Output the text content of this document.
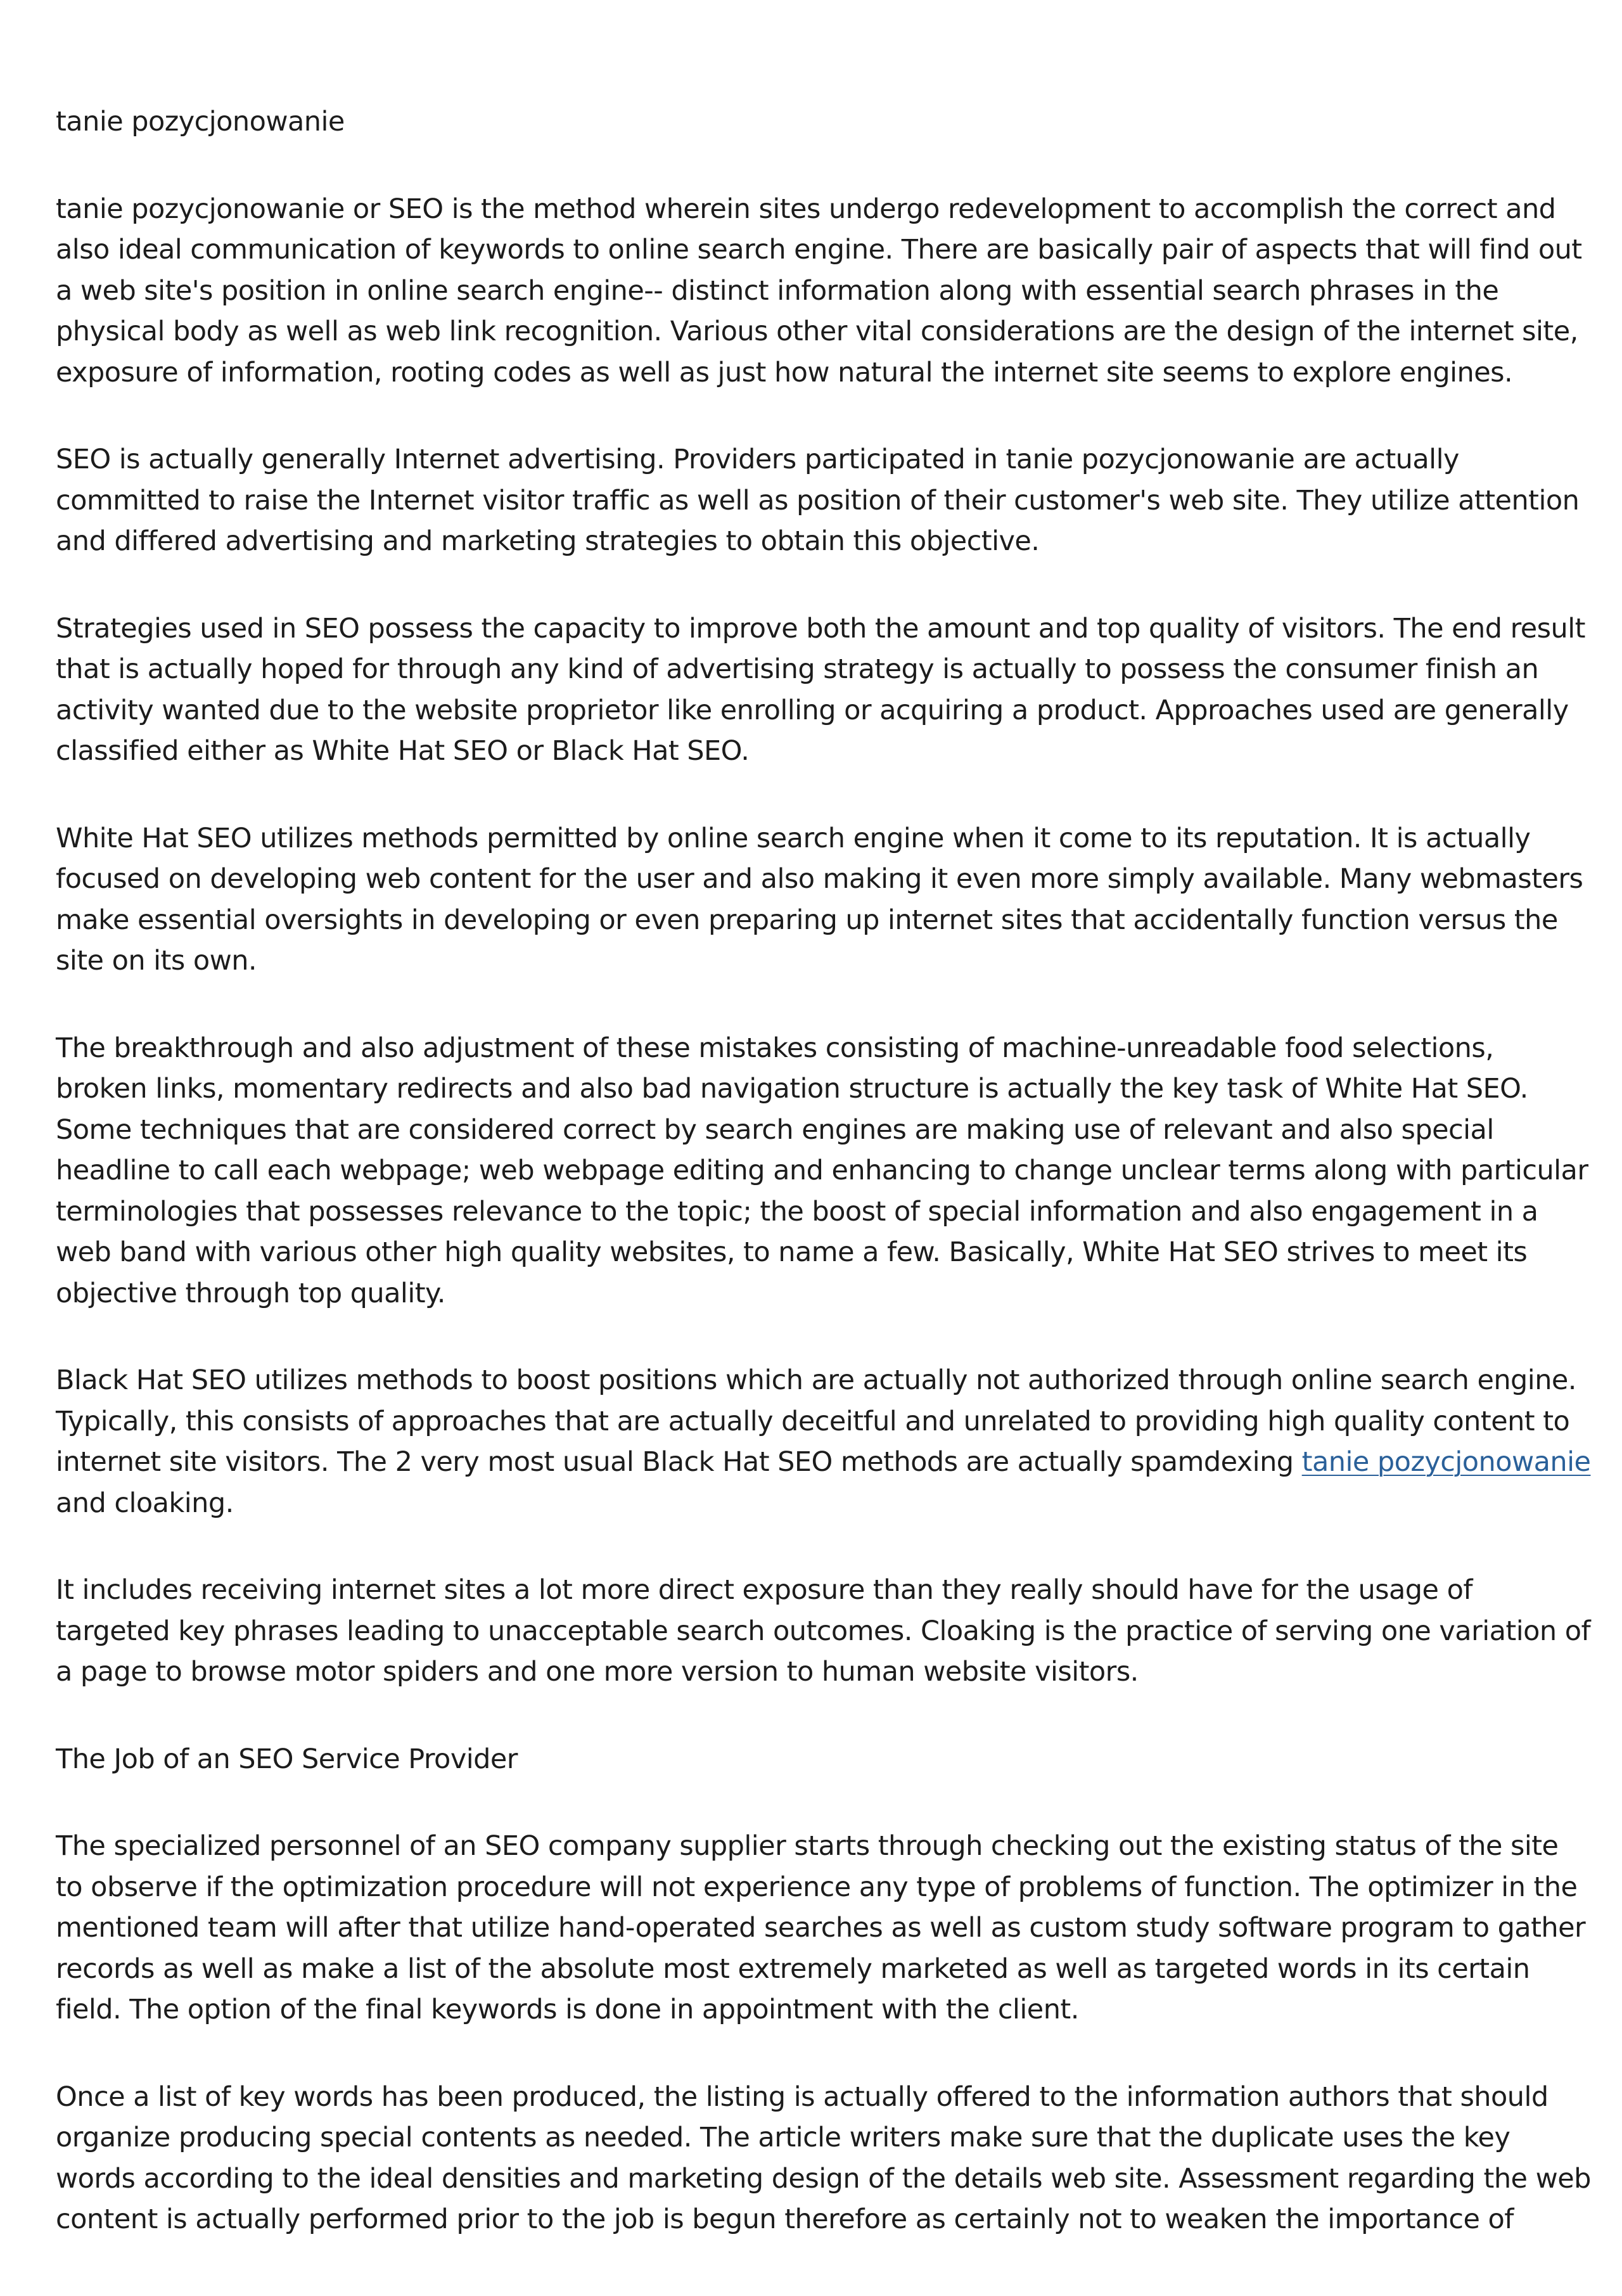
tanie pozycjonowanie

tanie pozycjonowanie or SEO is the method wherein sites undergo redevelopment to accomplish the correct and also ideal communication of keywords to online search engine. There are basically pair of aspects that will find out a web site's position in online search engine-- distinct information along with essential search phrases in the physical body as well as web link recognition. Various other vital considerations are the design of the internet site, exposure of information, rooting codes as well as just how natural the internet site seems to explore engines.

SEO is actually generally Internet advertising. Providers participated in tanie pozycjonowanie are actually committed to raise the Internet visitor traffic as well as position of their customer's web site. They utilize attention and differed advertising and marketing strategies to obtain this objective.

Strategies used in SEO possess the capacity to improve both the amount and top quality of visitors. The end result that is actually hoped for through any kind of advertising strategy is actually to possess the consumer finish an activity wanted due to the website proprietor like enrolling or acquiring a product. Approaches used are generally classified either as White Hat SEO or Black Hat SEO.

White Hat SEO utilizes methods permitted by online search engine when it come to its reputation. It is actually focused on developing web content for the user and also making it even more simply available. Many webmasters make essential oversights in developing or even preparing up internet sites that accidentally function versus the site on its own.

The breakthrough and also adjustment of these mistakes consisting of machine-unreadable food selections, broken links, momentary redirects and also bad navigation structure is actually the key task of White Hat SEO. Some techniques that are considered correct by search engines are making use of relevant and also special headline to call each webpage; web webpage editing and enhancing to change unclear terms along with particular terminologies that possesses relevance to the topic; the boost of special information and also engagement in a web band with various other high quality websites, to name a few. Basically, White Hat SEO strives to meet its objective through top quality.

Black Hat SEO utilizes methods to boost positions which are actually not authorized through online search engine. Typically, this consists of approaches that are actually deceitful and unrelated to providing high quality content to internet site visitors. The 2 very most usual Black Hat SEO methods are actually spamdexing tanie pozycjonowanie and cloaking.

It includes receiving internet sites a lot more direct exposure than they really should have for the usage of targeted key phrases leading to unacceptable search outcomes. Cloaking is the practice of serving one variation of a page to browse motor spiders and one more version to human website visitors.

The Job of an SEO Service Provider

The specialized personnel of an SEO company supplier starts through checking out the existing status of the site to observe if the optimization procedure will not experience any type of problems of function. The optimizer in the mentioned team will after that utilize hand-operated searches as well as custom study software program to gather records as well as make a list of the absolute most extremely marketed as well as targeted words in its certain field. The option of the final keywords is done in appointment with the client.

Once a list of key words has been produced, the listing is actually offered to the information authors that should organize producing special contents as needed. The article writers make sure that the duplicate uses the key words according to the ideal densities and marketing design of the details web site. Assessment regarding the web content is actually performed prior to the job is begun therefore as certainly not to weaken the importance of
